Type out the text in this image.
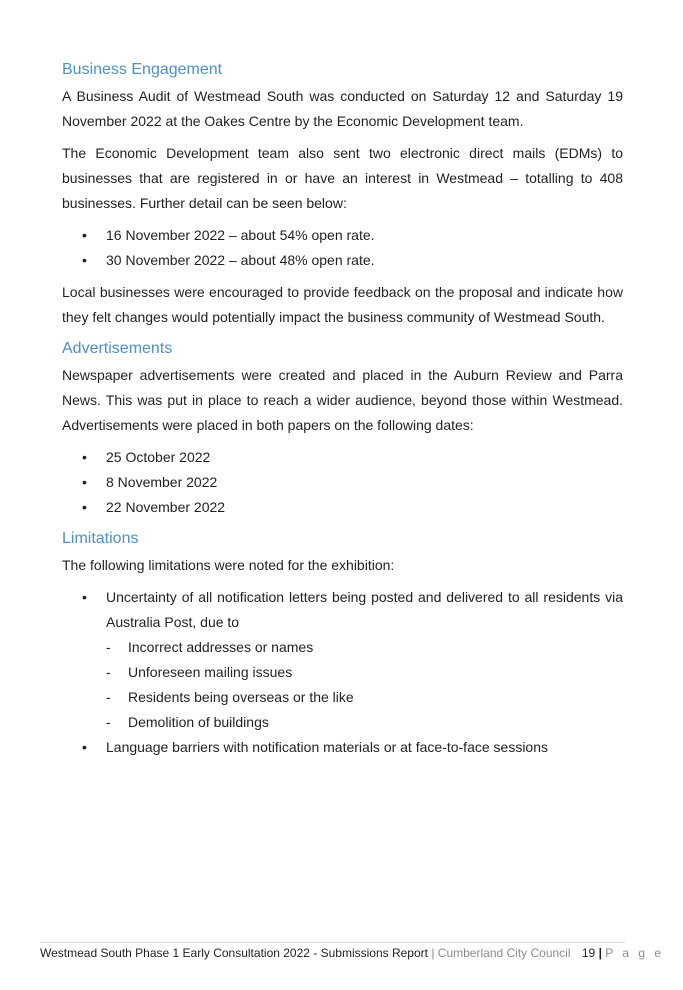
Business Engagement

A Business Audit of Westmead South was conducted on Saturday 12 and Saturday 19 November 2022 at the Oakes Centre by the Economic Development team.

The Economic Development team also sent two electronic direct mails (EDMs) to businesses that are registered in or have an interest in Westmead – totalling to 408 businesses. Further detail can be seen below:

• 16 November 2022 – about 54% open rate.
• 30 November 2022 – about 48% open rate.

Local businesses were encouraged to provide feedback on the proposal and indicate how they felt changes would potentially impact the business community of Westmead South.

Advertisements

Newspaper advertisements were created and placed in the Auburn Review and Parra News. This was put in place to reach a wider audience, beyond those within Westmead. Advertisements were placed in both papers on the following dates:

• 25 October 2022
• 8 November 2022
• 22 November 2022
Limitations

The following limitations were noted for the exhibition:

• Uncertainty of all notification letters being posted and delivered to all residents via Australia Post, due to
- Incorrect addresses or names
- Unforeseen mailing issues
- Residents being overseas or the like
- Demolition of buildings
• Language barriers with notification materials or at face-to-face sessions
Westmead South Phase 1 Early Consultation 2022 - Submissions Report | Cumberland City Council 19 | P a g e
